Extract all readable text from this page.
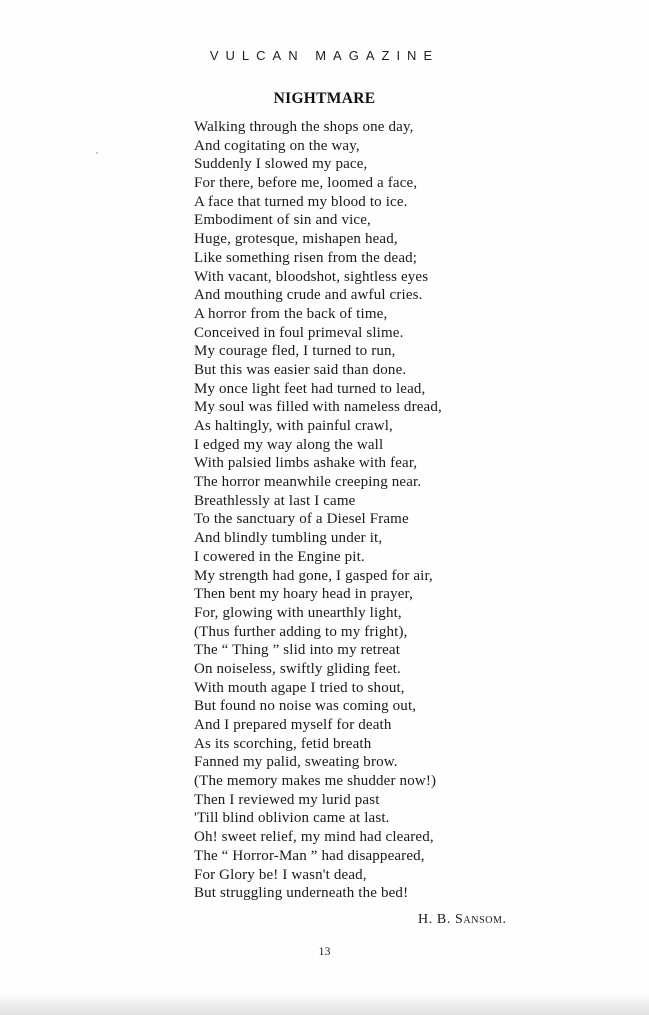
VULCAN MAGAZINE
NIGHTMARE
Walking through the shops one day,
And cogitating on the way,
Suddenly I slowed my pace,
For there, before me, loomed a face,
A face that turned my blood to ice.
Embodiment of sin and vice,
Huge, grotesque, mishapen head,
Like something risen from the dead;
With vacant, bloodshot, sightless eyes
And mouthing crude and awful cries.
A horror from the back of time,
Conceived in foul primeval slime.
My courage fled, I turned to run,
But this was easier said than done.
My once light feet had turned to lead,
My soul was filled with nameless dread,
As haltingly, with painful crawl,
I edged my way along the wall
With palsied limbs ashake with fear,
The horror meanwhile creeping near.
Breathlessly at last I came
To the sanctuary of a Diesel Frame
And blindly tumbling under it,
I cowered in the Engine pit.
My strength had gone, I gasped for air,
Then bent my hoary head in prayer,
For, glowing with unearthly light,
(Thus further adding to my fright),
The “ Thing ” slid into my retreat
On noiseless, swiftly gliding feet.
With mouth agape I tried to shout,
But found no noise was coming out,
And I prepared myself for death
As its scorching, fetid breath
Fanned my palid, sweating brow.
(The memory makes me shudder now!)
Then I reviewed my lurid past
'Till blind oblivion came at last.
Oh! sweet relief, my mind had cleared,
The “ Horror-Man ” had disappeared,
For Glory be! I wasn't dead,
But struggling underneath the bed!
H. B. Sansom.
13
